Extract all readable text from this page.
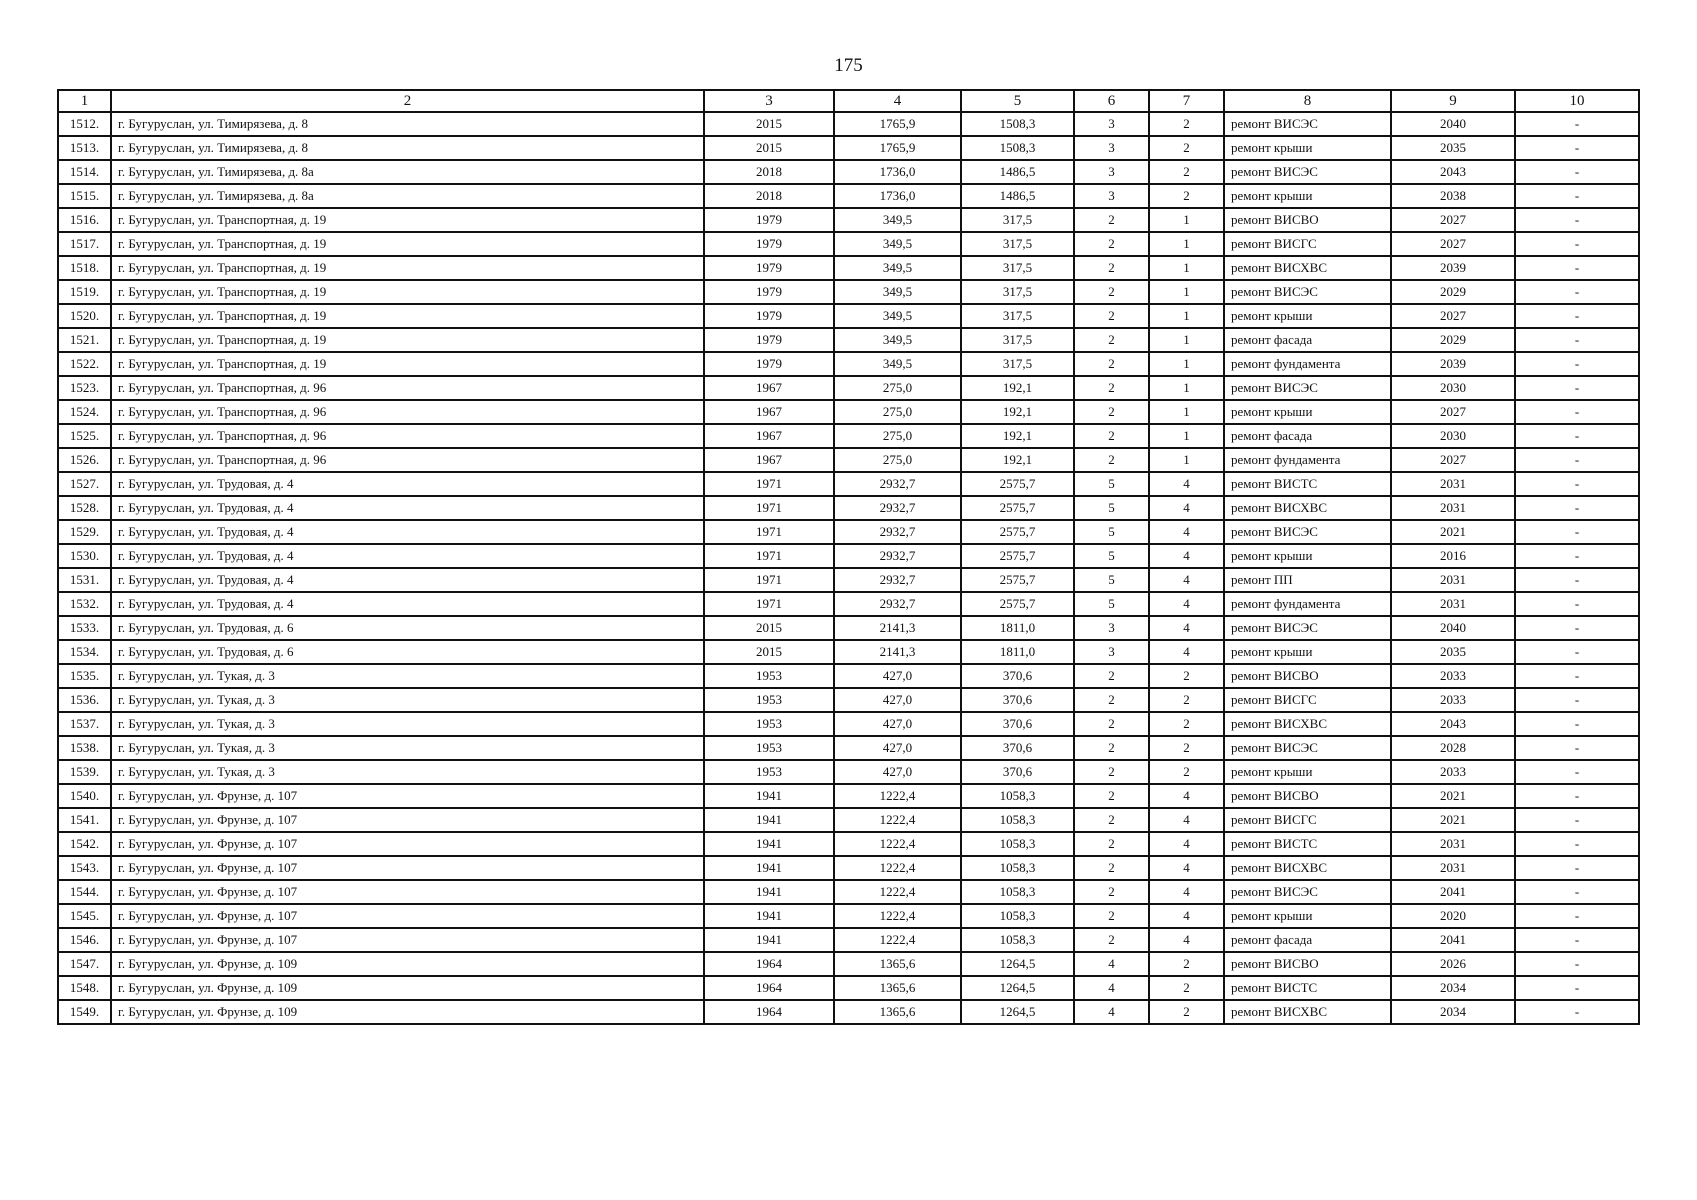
175
1	2	3	4	5	6	7	8	9	10
1512.	г. Бугуруслан, ул. Тимирязева, д. 8	2015	1765,9	1508,3	3	2	ремонт ВИСЭС	2040	-
1513.	г. Бугуруслан, ул. Тимирязева, д. 8	2015	1765,9	1508,3	3	2	ремонт крыши	2035	-
1514.	г. Бугуруслан, ул. Тимирязева, д. 8а	2018	1736,0	1486,5	3	2	ремонт ВИСЭС	2043	-
1515.	г. Бугуруслан, ул. Тимирязева, д. 8а	2018	1736,0	1486,5	3	2	ремонт крыши	2038	-
1516.	г. Бугуруслан, ул. Транспортная, д. 19	1979	349,5	317,5	2	1	ремонт ВИСВО	2027	-
1517.	г. Бугуруслан, ул. Транспортная, д. 19	1979	349,5	317,5	2	1	ремонт ВИСГС	2027	-
1518.	г. Бугуруслан, ул. Транспортная, д. 19	1979	349,5	317,5	2	1	ремонт ВИСХВС	2039	-
1519.	г. Бугуруслан, ул. Транспортная, д. 19	1979	349,5	317,5	2	1	ремонт ВИСЭС	2029	-
1520.	г. Бугуруслан, ул. Транспортная, д. 19	1979	349,5	317,5	2	1	ремонт крыши	2027	-
1521.	г. Бугуруслан, ул. Транспортная, д. 19	1979	349,5	317,5	2	1	ремонт фасада	2029	-
1522.	г. Бугуруслан, ул. Транспортная, д. 19	1979	349,5	317,5	2	1	ремонт фундамента	2039	-
1523.	г. Бугуруслан, ул. Транспортная, д. 96	1967	275,0	192,1	2	1	ремонт ВИСЭС	2030	-
1524.	г. Бугуруслан, ул. Транспортная, д. 96	1967	275,0	192,1	2	1	ремонт крыши	2027	-
1525.	г. Бугуруслан, ул. Транспортная, д. 96	1967	275,0	192,1	2	1	ремонт фасада	2030	-
1526.	г. Бугуруслан, ул. Транспортная, д. 96	1967	275,0	192,1	2	1	ремонт фундамента	2027	-
1527.	г. Бугуруслан, ул. Трудовая, д. 4	1971	2932,7	2575,7	5	4	ремонт ВИСТС	2031	-
1528.	г. Бугуруслан, ул. Трудовая, д. 4	1971	2932,7	2575,7	5	4	ремонт ВИСХВС	2031	-
1529.	г. Бугуруслан, ул. Трудовая, д. 4	1971	2932,7	2575,7	5	4	ремонт ВИСЭС	2021	-
1530.	г. Бугуруслан, ул. Трудовая, д. 4	1971	2932,7	2575,7	5	4	ремонт крыши	2016	-
1531.	г. Бугуруслан, ул. Трудовая, д. 4	1971	2932,7	2575,7	5	4	ремонт ПП	2031	-
1532.	г. Бугуруслан, ул. Трудовая, д. 4	1971	2932,7	2575,7	5	4	ремонт фундамента	2031	-
1533.	г. Бугуруслан, ул. Трудовая, д. 6	2015	2141,3	1811,0	3	4	ремонт ВИСЭС	2040	-
1534.	г. Бугуруслан, ул. Трудовая, д. 6	2015	2141,3	1811,0	3	4	ремонт крыши	2035	-
1535.	г. Бугуруслан, ул. Тукая, д. 3	1953	427,0	370,6	2	2	ремонт ВИСВО	2033	-
1536.	г. Бугуруслан, ул. Тукая, д. 3	1953	427,0	370,6	2	2	ремонт ВИСГС	2033	-
1537.	г. Бугуруслан, ул. Тукая, д. 3	1953	427,0	370,6	2	2	ремонт ВИСХВС	2043	-
1538.	г. Бугуруслан, ул. Тукая, д. 3	1953	427,0	370,6	2	2	ремонт ВИСЭС	2028	-
1539.	г. Бугуруслан, ул. Тукая, д. 3	1953	427,0	370,6	2	2	ремонт крыши	2033	-
1540.	г. Бугуруслан, ул. Фрунзе, д. 107	1941	1222,4	1058,3	2	4	ремонт ВИСВО	2021	-
1541.	г. Бугуруслан, ул. Фрунзе, д. 107	1941	1222,4	1058,3	2	4	ремонт ВИСГС	2021	-
1542.	г. Бугуруслан, ул. Фрунзе, д. 107	1941	1222,4	1058,3	2	4	ремонт ВИСТС	2031	-
1543.	г. Бугуруслан, ул. Фрунзе, д. 107	1941	1222,4	1058,3	2	4	ремонт ВИСХВС	2031	-
1544.	г. Бугуруслан, ул. Фрунзе, д. 107	1941	1222,4	1058,3	2	4	ремонт ВИСЭС	2041	-
1545.	г. Бугуруслан, ул. Фрунзе, д. 107	1941	1222,4	1058,3	2	4	ремонт крыши	2020	-
1546.	г. Бугуруслан, ул. Фрунзе, д. 107	1941	1222,4	1058,3	2	4	ремонт фасада	2041	-
1547.	г. Бугуруслан, ул. Фрунзе, д. 109	1964	1365,6	1264,5	4	2	ремонт ВИСВО	2026	-
1548.	г. Бугуруслан, ул. Фрунзе, д. 109	1964	1365,6	1264,5	4	2	ремонт ВИСТС	2034	-
1549.	г. Бугуруслан, ул. Фрунзе, д. 109	1964	1365,6	1264,5	4	2	ремонт ВИСХВС	2034	-
